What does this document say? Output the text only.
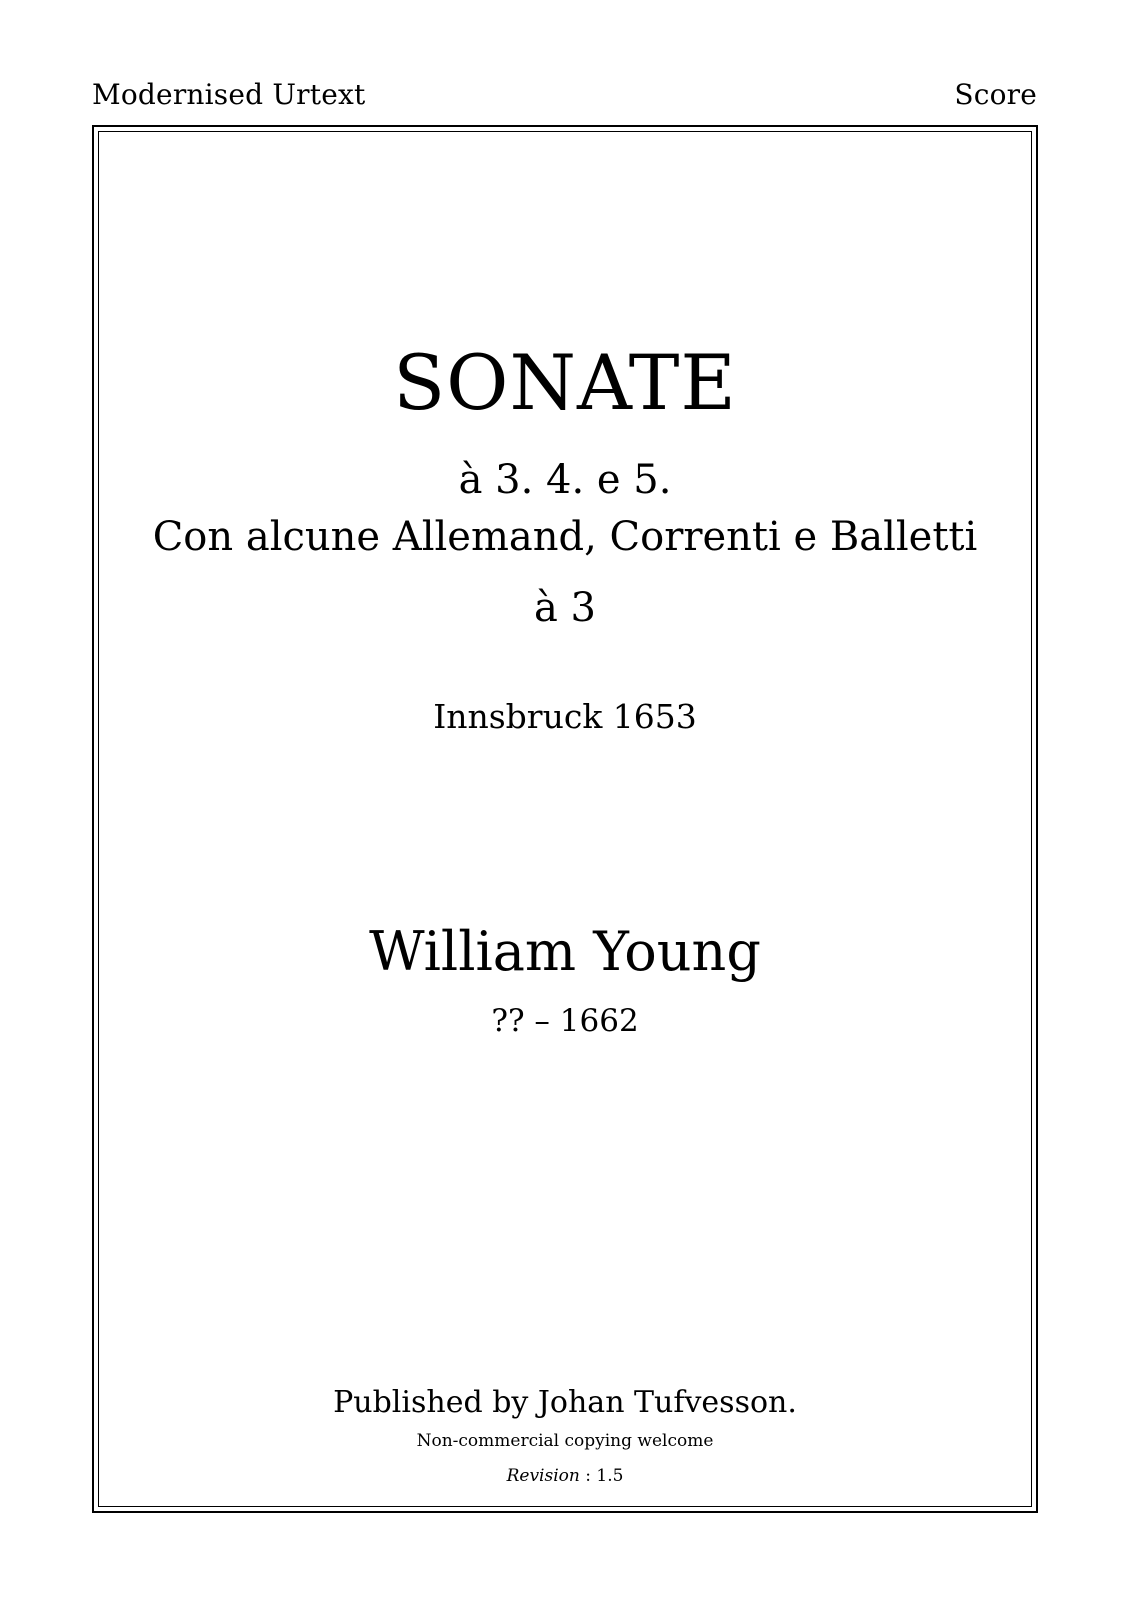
Modernised Urtext	Score
SONATE
à 3. 4. e 5.
Con alcune Allemand, Correnti e Balletti
à 3
Innsbruck 1653
William Young
?? – 1662
Published by Johan Tufvesson.
Non-commercial copying welcome
Revision : 1.5
